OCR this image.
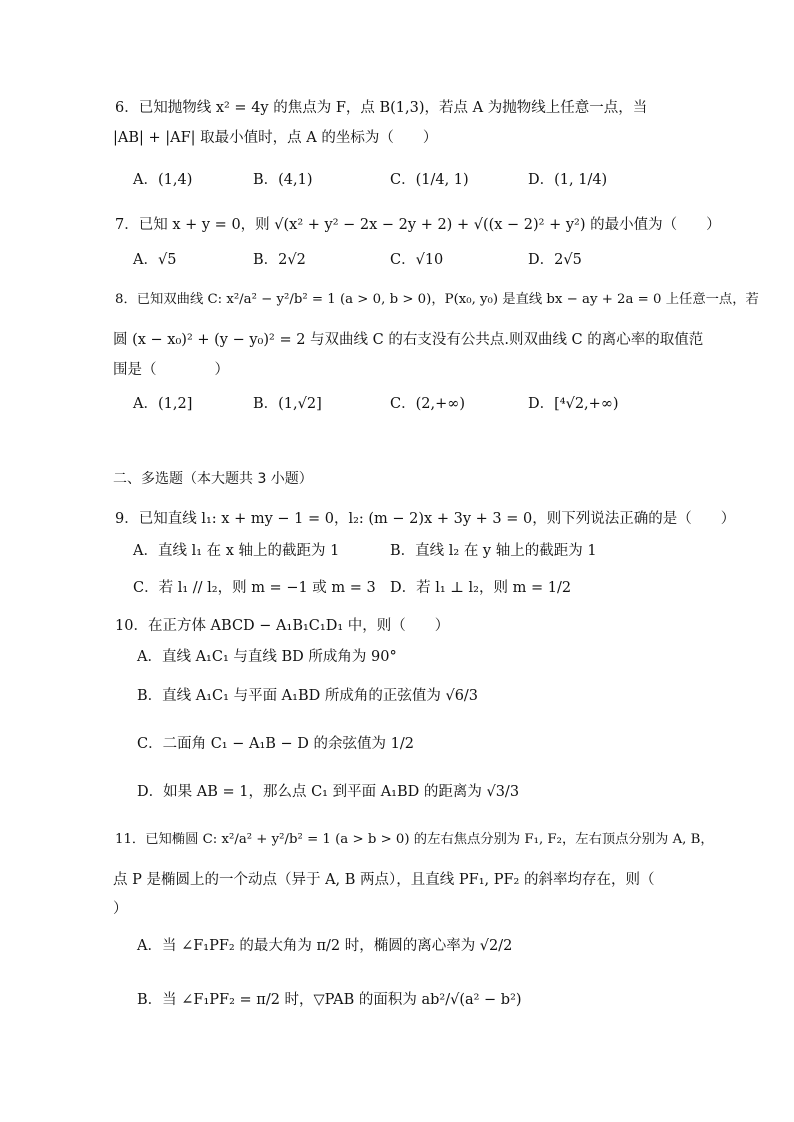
6．已知抛物线 x² = 4y 的焦点为 F，点 B(1,3)，若点 A 为抛物线上任意一点，当
|AB| + |AF| 取最小值时，点 A 的坐标为（　　）
A．(1,4)	B．(4,1)	C．(1/4, 1)	D．(1, 1/4)
7．已知 x + y = 0，则 √(x² + y² − 2x − 2y + 2) + √((x − 2)² + y²) 的最小值为（　　）
A．√5	B．2√2	C．√10	D．2√5
8．已知双曲线 C: x²/a² − y²/b² = 1 (a > 0, b > 0)，P(x₀, y₀) 是直线 bx − ay + 2a = 0 上任意一点，若
圆 (x − x₀)² + (y − y₀)² = 2 与双曲线 C 的右支没有公共点.则双曲线 C 的离心率的取值范
围是（　　　　）
A．(1,2]	B．(1,√2]	C．(2,+∞)	D．[⁴√2,+∞)
二、多选题（本大题共 3 小题）
9．已知直线 l₁: x + my − 1 = 0，l₂: (m − 2)x + 3y + 3 = 0，则下列说法正确的是（　　）
A．直线 l₁ 在 x 轴上的截距为 1	B．直线 l₂ 在 y 轴上的截距为 1
C．若 l₁ // l₂，则 m = −1 或 m = 3 D．若 l₁ ⊥ l₂，则 m = 1/2
10．在正方体 ABCD − A₁B₁C₁D₁ 中，则（　　）
A．直线 A₁C₁ 与直线 BD 所成角为 90°
B．直线 A₁C₁ 与平面 A₁BD 所成角的正弦值为 √6/3
C．二面角 C₁ − A₁B − D 的余弦值为 1/2
D．如果 AB = 1，那么点 C₁ 到平面 A₁BD 的距离为 √3/3
11．已知椭圆 C: x²/a² + y²/b² = 1 (a > b > 0) 的左右焦点分别为 F₁, F₂，左右顶点分别为 A, B，
点 P 是椭圆上的一个动点（异于 A, B 两点），且直线 PF₁, PF₂ 的斜率均存在，则（
）
A．当 ∠F₁PF₂ 的最大角为 π/2 时，椭圆的离心率为 √2/2
B．当 ∠F₁PF₂ = π/2 时，▽PAB 的面积为 ab²/√(a² − b²)
